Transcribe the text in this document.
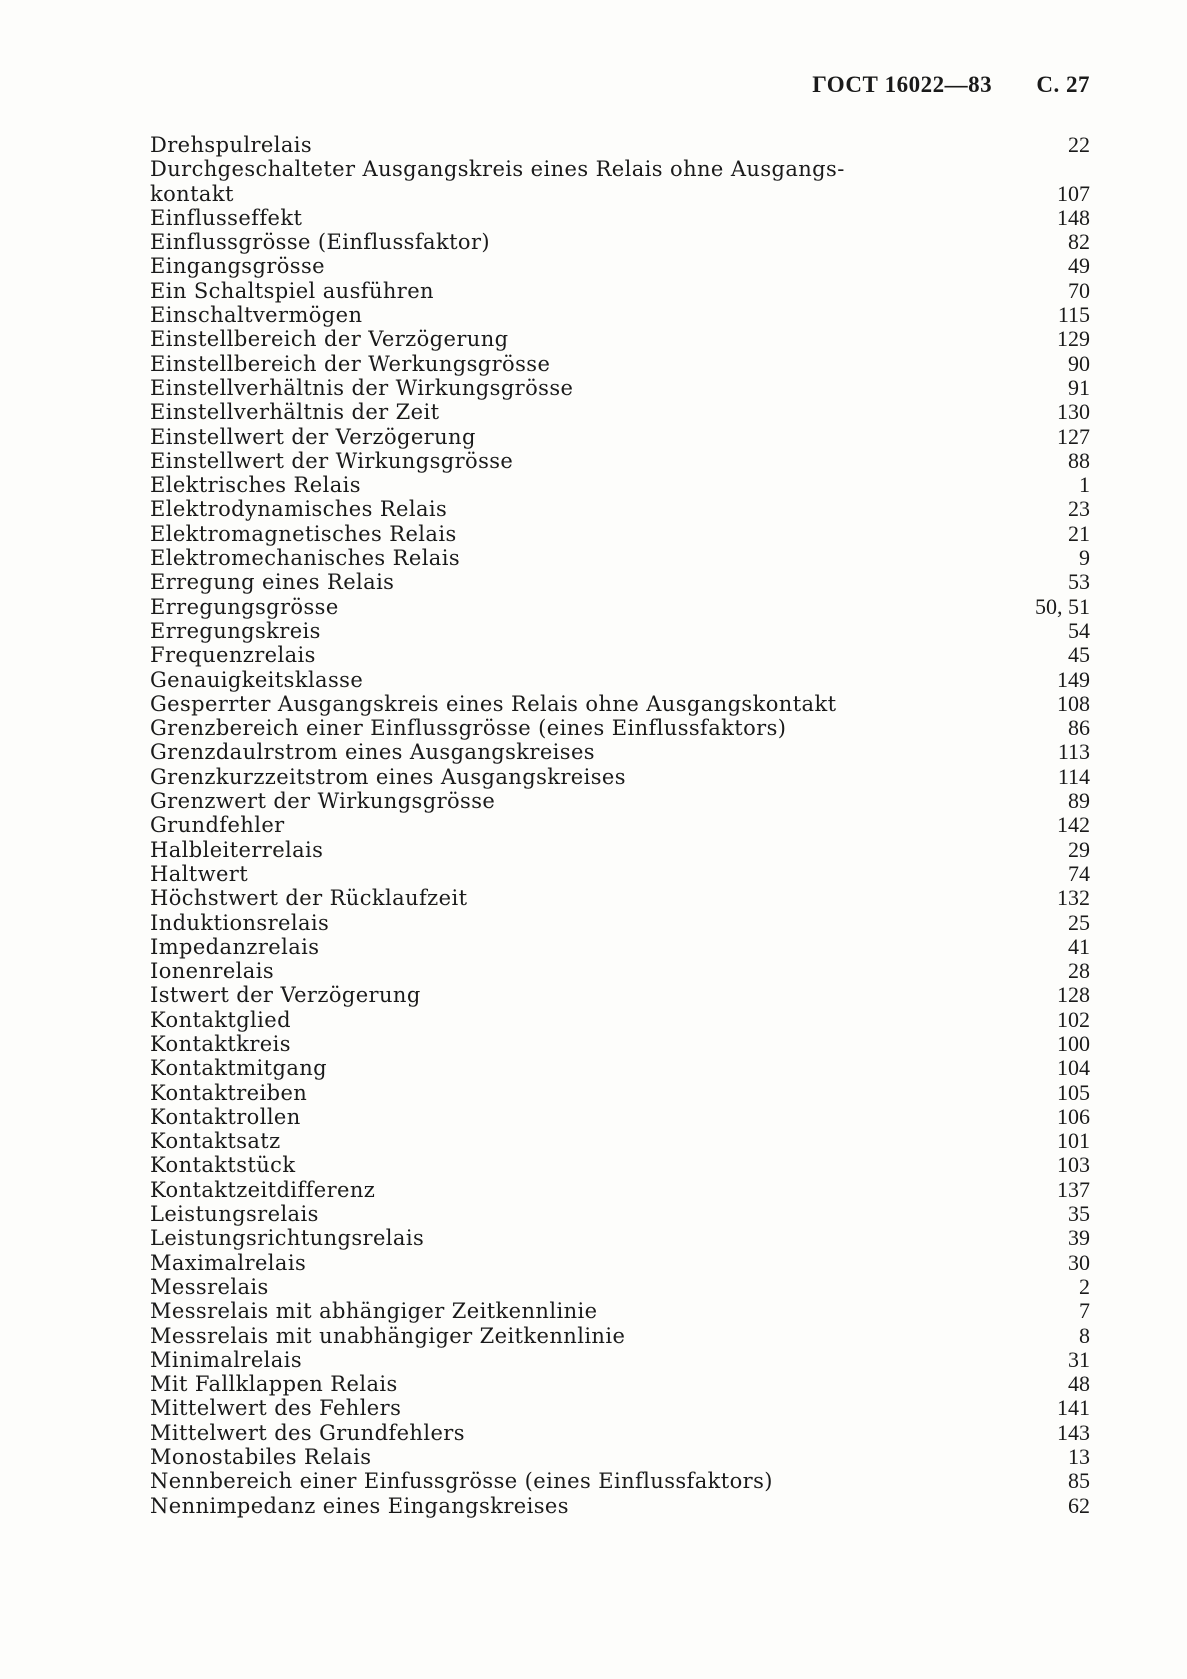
ГОСТ 16022—83 С. 27
Drehspulrelais	22
Durchgeschalteter Ausgangskreis eines Relais ohne Ausgangs-kontakt	107
Einflusseffekt	148
Einflussgrösse (Einflussfaktor)	82
Eingangsgrösse	49
Ein Schaltspiel ausführen	70
Einschaltvermögen	115
Einstellbereich der Verzögerung	129
Einstellbereich der Werkungsgrösse	90
Einstellverhältnis der Wirkungsgrösse	91
Einstellverhältnis der Zeit	130
Einstellwert der Verzögerung	127
Einstellwert der Wirkungsgrösse	88
Elektrisches Relais	1
Elektrodynamisches Relais	23
Elektromagnetisches Relais	21
Elektromechanisches Relais	9
Erregung eines Relais	53
Erregungsgrösse	50, 51
Erregungskreis	54
Frequenzrelais	45
Genauigkeitsklasse	149
Gesperrter Ausgangskreis eines Relais ohne Ausgangskontakt	108
Grenzbereich einer Einflussgrösse (eines Einflussfaktors)	86
Grenzdaulrstrom eines Ausgangskreises	113
Grenzkurzzeitstrom eines Ausgangskreises	114
Grenzwert der Wirkungsgrösse	89
Grundfehler	142
Halbleiterrelais	29
Haltwert	74
Höchstwert der Rücklaufzeit	132
Induktionsrelais	25
Impedanzrelais	41
Ionenrelais	28
Istwert der Verzögerung	128
Kontaktglied	102
Kontaktkreis	100
Kontaktmitgang	104
Kontaktreiben	105
Kontaktrollen	106
Kontaktsatz	101
Kontaktstück	103
Kontaktzeitdifferenz	137
Leistungsrelais	35
Leistungsrichtungsrelais	39
Maximalrelais	30
Messrelais	2
Messrelais mit abhängiger Zeitkennlinie	7
Messrelais mit unabhängiger Zeitkennlinie	8
Minimalrelais	31
Mit Fallklappen Relais	48
Mittelwert des Fehlers	141
Mittelwert des Grundfehlers	143
Monostabiles Relais	13
Nennbereich einer Einfussgrösse (eines Einflussfaktors)	85
Nennimpedanz eines Eingangskreises	62
